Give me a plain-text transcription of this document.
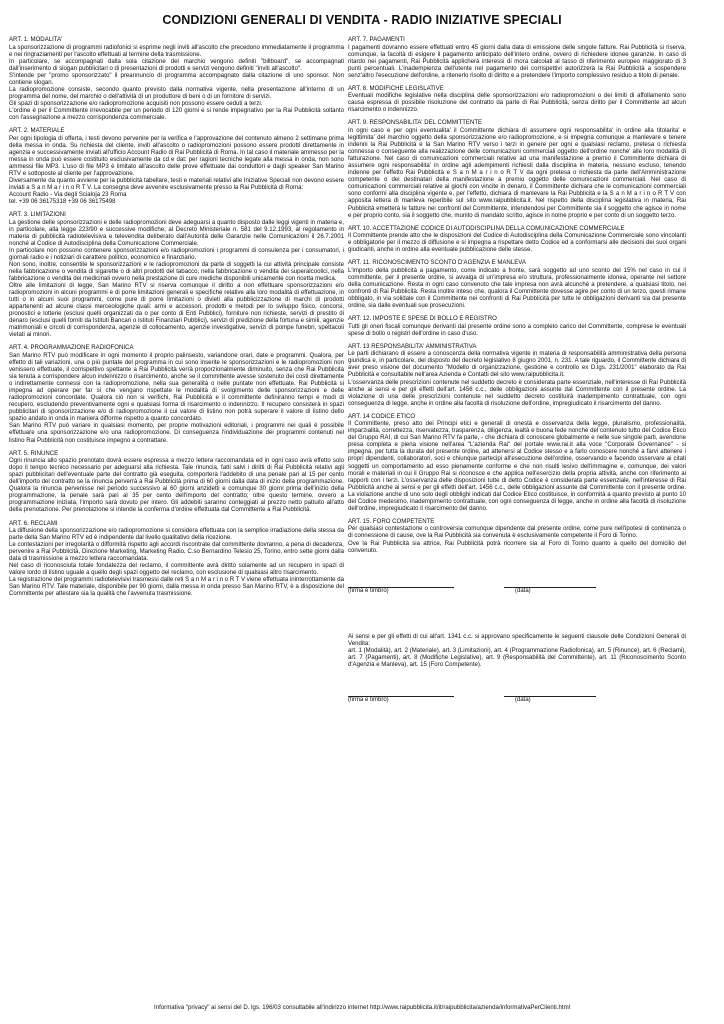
CONDIZIONI GENERALI DI VENDITA - RADIO INIZIATIVE SPECIALI
ART. 1. MODALITA'

La sponsorizzazione di programmi radiofonici si esprime negli inviti all'ascolto che precedono immediatamente il programma e nei ringraziamenti per l'ascolto effettuati al termine della trasmissione.

In particolare, se accompagnati dalla sola citazione del marchio vengono definiti "billboard", se accompagnati dall'inserimento di slogan pubblicitari o di presentazioni di prodotti e servizi vengono definiti "inviti all'ascolto".

S'intende per "promo sponsorizzato" il preannuncio di programma accompagnato dalla citazione di uno sponsor. Non contiene slogan.

La radiopromozione consiste, secondo quanto previsto dalla normativa vigente, nella presentazione all'interno di un programma del nome, del marchio o dell'attività di un produttore di beni o di un fornitore di servizi.

Gli spazi di sponsorizzazione e/o radiopromozione acquisiti non possono essere ceduti a terzi.

L'ordine è per il Committente irrevocabile per un periodo di 120 giorni e si rende impegnativo per la Rai Pubblicità soltanto con l'assegnazione a mezzo corrispondenza commerciale.

ART. 2. MATERIALE

Per ogni tipologia di offerta, i testi devono pervenire per la verifica e l'approvazione del contenuto almeno 2 settimane prima della messa in onda. Su richiesta del cliente, inviti all'ascolto o radiopromozioni possono essere prodotti direttamente in agenzia e successivamente inviati all'ufficio Account Radio di Rai Pubblicità di Roma. In tal caso il materiale ammesso per la messa in onda può essere costituito esclusivamente da cd e dat: per ragioni tecniche legate alla messa in onda, non sono ammessi file MP3. L'uso di file MP3 è limitato all'ascolto delle prove effettuate dai conduttori e dagli speaker San Marino RTV e sottoposte al cliente per l'approvazione.

Diversamente da quanto avviene per la pubblicità tabellare, testi e materiali relativi alle Iniziative Speciali non devono essere inviati a S a n M a r i n o R T V. La consegna deve avvenire esclusivamente presso la Rai Pubblicità di Roma:

Account Radio - Via degli Scialoja 23 Roma

tel. +39 06 36175318 +39 06 36175498

ART. 3. LIMITAZIONI

La gestione delle sponsorizzazioni e delle radiopromozioni deve adeguarsi a quanto disposto dalle leggi vigenti in materia e, in particolare, alla legge 223/90 e successive modifiche, al Decreto Ministeriale n. 581 del 9.12.1993, al regolamento in materia di pubblicità radiotelevisiva e televendita deliberato dall'Autorità delle Garanzie nelle Comunicazioni il 26.7.2001 nonché al Codice di Autodisciplina della Comunicazione Commerciale.

In particolare non possono contenere sponsorizzazioni e/o radiopromozioni i programmi di consulenza per i consumatori, i giornali radio e i notiziari di carattere politico, economico e finanziario.

Non sono, inoltre, consentite le sponsorizzazioni e le radiopromozioni da parte di soggetti la cui attività principale consiste nella fabbricazione o vendita di sigarette o di altri prodotti del tabacco, nella fabbricazione o vendita dei superalcoolici, nella fabbricazione o vendita dei medicinali ovvero nella prestazione di cure mediche disponibili unicamente con ricetta medica.

Oltre alle limitazioni di legge, San Marino RTV si riserva comunque il diritto a non effettuare sponsorizzazioni e/o radiopromozioni in alcuni programmi e di porre limitazioni generali e specifiche relative alla loro modalità di effettuazione, in tutti o in alcuni suoi programmi, come pure di porre limitazioni o divieti alla pubblicizzazione di marchi di prodotti appartenenti ad alcune classi merceologiche quali: armi e accessori, prodotti e metodi per lo sviluppo fisico, concorsi, pronostici e lotterie (esclusi quelli organizzati da o per conto di Enti Pubblici), forniture non richieste, servizi di prestito di denaro (esclusi quelli forniti da Istituti Bancari o Istituti Finanziari Pubblici), servizi di predizione della fortuna e simili, agenzie matrimoniali e circoli di corrispondenza, agenzie di collocamento, agenzie investigative, servizi di pompe funebri, spettacoli vietati ai minori.

ART. 4. PROGRAMMAZIONE RADIOFONICA

San Marino RTV può modificare in ogni momento il proprio palinsesto, variandone orari, date e programmi. Qualora, per effetto di tali variazioni, una o più puntate del programma in cui sono inserite le sponsorizzazioni e le radiopromozioni non venissero effettuate, il corrispettivo spettante a Rai Pubblicità verrà proporzionalmente diminuito, senza che Rai Pubblicità sia tenuta a corrispondere alcun indennizzo o risarcimento, anche se il committente avesse sostenuto dei costi direttamente o indirettamente connessi con la radiopromozione, nella sua generalità o nelle puntate non effettuate. Rai Pubblicità si impegna ad operare per far sì che vengano rispettate le modalità di svolgimento delle sponsorizzazioni e delle radiopromozioni concordate. Qualora ciò non si verifichi, Rai Pubblicità e il committente definiranno tempi e modi di recupero, escludendo preventivamente ogni e qualsiasi forma di risarcimento o indennizzo. Il recupero consisterà in spazi pubblicitari di sponsorizzazione e/o di radiopromozione il cui valore di listino non potrà superare il valore di listino dello spazio andato in onda in maniera difforme rispetto a quanto concordato.

San Marino RTV può variare in qualsiasi momento, per proprie motivazioni editoriali, i programmi nei quali è possibile effettuare una sponsorizzazione e/o una radiopromozione. Di conseguenza l'individuazione dei programmi contenuti nel listino Rai Pubblicità non costituisce impegno a contrattare.

ART. 5. RINUNCE

Ogni rinuncia allo spazio prenotato dovrà essere espressa a mezzo lettera raccomandata ed in ogni caso avrà effetto solo dopo il tempo tecnico necessario per adeguarsi alla richiesta. Tale rinuncia, fatti salvi i diritti di Rai Pubblicità relativi agli spazi pubblicitari dell'eventuale parte del contratto già eseguita, comporterà l'addebito di una penale pari al 15 per cento dell'importo del contratto se la rinuncia perverrà a Rai Pubblicità prima di 60 giorni dalla data di inizio della programmazione. Qualora la rinuncia pervenisse nel periodo successivo ai 60 giorni anzidetti e comunque 30 giorni prima dell'inizio della programmazione, la penale sarà pari al 35 per cento dell'importo del contratto; oltre questo termine, ovvero a programmazione iniziata, l'importo sarà dovuto per intero. Gli addebiti saranno conteggiati al prezzo netto pattuito all'atto della prenotazione. Per prenotazione si intende la conferma d'ordine effettuata dal Committente a Rai Pubblicità.

ART. 6. RECLAMI

La diffusione della sponsorizzazione e/o radiopromozione si considera effettuata con la semplice irradiazione della stessa da parte della San Marino RTV ed è indipendente dal livello qualitativo della ricezione.

Le contestazioni per irregolarità o difformità rispetto agli accordi riscontrate dal committente dovranno, a pena di decadenza, pervenire a Rai Pubblicità, Direzione Marketing, Marketing Radio, C.so Bernardino Telesio 25, Torino, entro sette giorni dalla data di trasmissione a mezzo lettera raccomandata.

Nel caso di riconosciuta totale fondatezza del reclamo, il committente avrà diritto solamente ad un recupero in spazi di valore lordo di listino uguale a quello degli spazi oggetto del reclamo, con esclusione di qualsiasi altro risarcimento.

La registrazione dei programmi radiotelevisivi trasmessi dalle reti S a n M a r i n o R T V viene effettuata ininterrottamente da San Marino RTV. Tale materiale, disponibile per 90 giorni, dalla messa in onda presso San Marino RTV, è a disposizione del Committente per attestare sia la qualità che l'avvenuta trasmissione.

ART. 7. PAGAMENTI

I pagamenti dovranno essere effettuati entro 45 giorni dalla data di emissione delle singole fatture. Rai Pubblicità si riserva, comunque, la facoltà di esigere il pagamento anticipato dell'intero ordine, ovvero di richiedere idonee garanzie. In caso di ritardo nei pagamenti, Rai Pubblicità applicherà interessi di mora calcolati al tasso di riferimento europeo maggiorato di 3 punti percentuali. L'inadempienza dell'utente nel pagamento dei corrispettivi autorizzerà la Rai Pubblicità a sospendere senz'altro l'esecuzione dell'ordine, a ritenerlo risolto di diritto e a pretendere l'importo complessivo residuo a titolo di penale.

ART. 8. MODIFICHE LEGISLATIVE

Eventuali modifiche legislative nella disciplina delle sponsorizzazioni e/o radiopromozioni o dei limiti di affollamento sono causa espressa di possibile risoluzione del contratto da parte di Rai Pubblicità, senza diritto per il Committente ad alcun risarcimento o indennizzo.

ART. 9. RESPONSABILITA' DEL COMMITTENTE

In ogni caso e per ogni eventualita' il Committente dichiara di assumere ogni responsabilita' in ordine alla titolarita' e legittimita' del marchio oggetto della sponsorizzazione e/o radiopromozione, e si impegna comunque a manlevare e tenere indenni la Rai Pubblicità e la San Marino RTV verso i terzi in genere per ogni e qualsiasi reclamo, pretesa o richiesta connessa o conseguente alla realizzazione delle comunicazioni commerciali oggetto dell'ordine nonche' alle loro modalità di fatturazione. Nel caso di comunicazioni commerciali relative ad una manifestazione a premio il Committente dichiara di assumere ogni responsabilita' in ordine agli adempimenti richiesti dalla disciplina in materia, nessuno escluso, tenendo indenne per l'effetto Rai Pubblicità e S a n M a r i n o R T V da ogni pretesa o richiesta da parte dell'Amministrazione competente o dei destinatari della manifestazione a premio oggetto delle comunicazioni commerciali. Nel caso di comunicazioni commerciali relative ai giochi con vincite in denaro, il Committente dichiara che le comunicazioni commerciali sono conformi alla disciplina vigente e, per l'effetto, dichiara di manlevare la Rai Pubblicità e la S a n M a r i n o R T V con apposita lettera di manleva reperibile sul sito www.raipubblicita.it. Nel rispetto della disciplina legislativa in materia, Rai Pubblicità emetterà le fatture nei confronti del Committente, intendendosi per Committente sia il soggetto che agisce in nome e per proprio conto, sia il soggetto che, munito di mandato scritto, agisce in nome proprio e per conto di un soggetto terzo.

ART. 10. ACCETTAZIONE CODICE DI AUTODISCIPLINA DELLA COMUNICAZIONE COMMERCIALE

Il Committente prende atto che le disposizioni del Codice di Autodisciplina della Comunicazione Commerciale sono vincolanti e obbligatorie per il mezzo di diffusione e si impegna a rispettare detto Codice ed a conformarsi alle decisioni dei suoi organi giudicanti, anche in ordine alla eventuale pubblicazione delle stesse.

ART. 11. RICONOSCIMENTO SCONTO D'AGENZIA E MANLEVA

L'importo della pubblicità a pagamento, come indicato a fronte, sarà soggetto ad uno sconto del 15% nel caso in cui il committente, per il presente ordine, si avvalga di un'impresa e/o struttura, professionalmente idonea, operante nel settore della comunicazione. Resta in ogni caso convenuto che tale impresa non avrà alcunché a pretendere, a qualsiasi titolo, nei confronti di Rai Pubblicità. Resta inoltre inteso che, qualora il Committente dovesse agire per conto di un terzo, questi rimane obbligato, in via solidale con il Committente nei confronti di Rai Pubblicità per tutte le obbligazioni derivanti sia dal presente ordine, sia dalle eventuali sue prosecuzioni.

ART. 12. IMPOSTE E SPESE DI BOLLO E REGISTRO

Tutti gli oneri fiscali comunque derivanti dal presente ordine sono a completo carico del Committente, comprese le eventuali spese di bollo o registri dell'ordine in caso d'uso.

ART. 13 RESPONSABILITA' AMMINISTRATIVA

Le parti dichiarano di essere a conoscenza della normativa vigente in materia di responsabilità amministrativa della persona giuridica e, in particolare, del disposto del decreto legislativo 8 giugno 2001, n. 231. A tale riguardo, il Committente dichiara di aver preso visione del documento "Modello di organizzazione, gestione e controllo ex D.lgs. 231/2001" elaborato da Rai Pubblicità e consultabile nell'area Azienda e Contatti del sito www.raipubblicita.it.

L'osservanza delle prescrizioni contenute nel suddetto decreto è considerata parte essenziale, nell'interesse di Rai Pubblicità anche ai sensi e per gli effetti dell'art. 1456 c.c., delle obbligazioni assunte dal Committente con il presente ordine. La violazione di una delle prescrizioni contenute nel suddetto decreto costituirà inadempimento contrattuale, con ogni conseguenza di legge, anche in ordine alla facoltà di risoluzione dell'ordine, impregiudicato il risarcimento del danno.

ART. 14 CODICE ETICO

Il Committente, preso atto dei Principi etici e generali di onestà e osservanza della legge, pluralismo, professionalità, imparzialità, correttezza, riservatezza, trasparenza, diligenza, lealtà e buona fede nonché del contenuto tutto del Codice Etico del Gruppo RAI, di cui San Marino RTV fa parte, - che dichiara di conoscere globalmente e nelle sue singole parti, avendone presa completa e piena visione nell'area "L'azienda Rai" del portale www.rai.it alla voce "Corporate Governance" - si impegna, per tutta la durata del presente ordine, ad attenersi al Codice stesso e a farlo conoscere nonché a farvi attenere i propri dipendenti, collaboratori, soci e chiunque partecipi all'esecuzione dell'ordine, osservando e facendo osservare ai citati soggetti un comportamento ad esso pienamente conforme e che non risulti lesivo dell'immagine e, comunque, dei valori morali e materiali in cui il Gruppo Rai si riconosce e che applica nell'esercizio della propria attività, anche con riferimento ai rapporti con i terzi. L'osservanza delle disposizioni tutte di detto Codice è considerata parte essenziale, nell'interesse di Rai Pubblicità anche ai sensi e per gli effetti dell'art. 1456 c.c., delle obbligazioni assunte dal Committente con il presente ordine. La violazione anche di uno solo degli obblighi indicati dal Codice Etico costituisce, in conformità a quanto previsto al punto 10 del Codice medesimo, inadempimento contrattuale, con ogni conseguenza di legge, anche in ordine alla facoltà di risoluzione dell'ordine, impregiudicato il risarcimento del danno.

ART. 15. FORO COMPETENTE

Per qualsiasi contestazione o controversia comunque dipendente dal presente ordine, come pure nell'ipotesi di continenza o di connessione di cause, ove la Rai Pubblicità sia convenuta è esclusivamente competente il Foro di Torino.

Ove la Rai Pubblicità sia attrice, Rai Pubblicità potrà ricorrere sia al Foro di Torino quanto a quello del domicilio del convenuto.

(firma e timbro)	(data)

Ai sensi e per gli effetti di cui all'art. 1341 c.c. si approvano specificamente le seguenti clausole delle Condizioni Generali di Vendita:

art. 1 (Modalità), art. 2 (Materiale), art. 3 (Limitazioni), art. 4 (Programmazione Radiofonica), art. 5 (Rinunce), art. 6 (Reclami), art. 7 (Pagamenti), art. 8 (Modifiche Legislative), art. 9 (Responsabilità del Committente), art. 11 (Riconoscimento Sconto d'Agenzia e Manleva), art. 15 (Foro Competente).

(firma e timbro)	(data)
Informativa "privacy" ai sensi del D. lgs. 196/03 consultabile all'indirizzo internet http://www.raipubblicita.it/it/raipubblicita/azienda/informativaPerClienti.html
